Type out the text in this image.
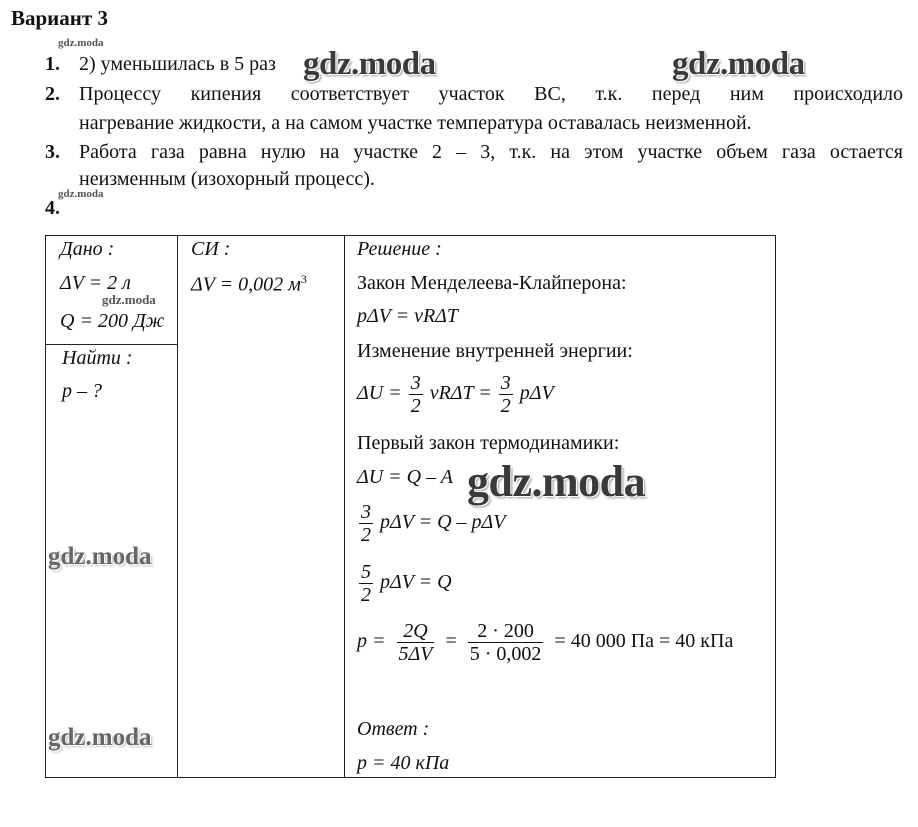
Вариант 3
gdz.moda
gdz.moda
1. 2) уменьшилась в 5 раз gdz.moda	gdz.moda
2. Процессу кипения соответствует участок ВС, т.к. перед ним происходило
нагревание жидкости, а на самом участке температура оставалась неизменной.
3. Работа газа равна нулю на участке 2 – 3, т.к. на этом участке объем газа остается
неизменным (изохорный процесс).
4.
Дано :
ΔV = 2 л
Q = 200 Дж
gdz.moda
Найти :
p – ?
gdz.moda
gdz.moda
СИ :
ΔV = 0,002 $м^3$
Решение :
Закон Менделеева-Клайперона:
pΔV = νRΔT
Изменение внутренней энергии:
$\Delta U = \frac{3}{2}$ $\nu R\Delta T = \frac{3}{2}$ pΔV
Первый закон термодинамики:
ΔU = Q – A gdz.moda
$\frac{3}{2}$ pΔV = Q – pΔV
$\frac{5}{2}$ pΔV = Q
$p = \frac{2Q}{5\Delta V} = \frac{2 \cdot 200}{5 \cdot 0,002} = 40$ 000 Па = 40 кПа
Ответ :
p = 40 кПа
